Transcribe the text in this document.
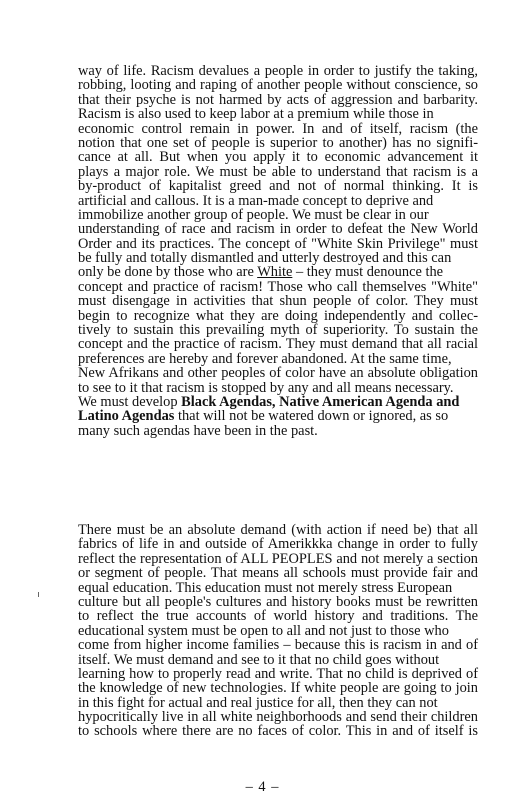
way of life. Racism devalues a people in order to justify the taking,
robbing, looting and raping of another people without conscience, so
that their psyche is not harmed by acts of aggression and barbarity.
Racism is also used to keep labor at a premium while those in
economic control remain in power. In and of itself, racism (the
notion that one set of people is superior to another) has no signifi-
cance at all. But when you apply it to economic advancement it
plays a major role. We must be able to understand that racism is a
by-product of kapitalist greed and not of normal thinking. It is
artificial and callous. It is a man-made concept to deprive and
immobilize another group of people. We must be clear in our
understanding of race and racism in order to defeat the New World
Order and its practices. The concept of "White Skin Privilege" must
be fully and totally dismantled and utterly destroyed and this can
only be done by those who are White – they must denounce the
concept and practice of racism! Those who call themselves "White"
must disengage in activities that shun people of color. They must
begin to recognize what they are doing independently and collec-
tively to sustain this prevailing myth of superiority. To sustain the
concept and the practice of racism. They must demand that all racial
preferences are hereby and forever abandoned. At the same time,
New Afrikans and other peoples of color have an absolute obligation
to see to it that racism is stopped by any and all means necessary.
We must develop Black Agendas, Native American Agenda and
Latino Agendas that will not be watered down or ignored, as so
many such agendas have been in the past.
There must be an absolute demand (with action if need be) that all
fabrics of life in and outside of Amerikkka change in order to fully
reflect the representation of ALL PEOPLES and not merely a section
or segment of people. That means all schools must provide fair and
equal education. This education must not merely stress European
culture but all people's cultures and history books must be rewritten
to reflect the true accounts of world history and traditions. The
educational system must be open to all and not just to those who
come from higher income families – because this is racism in and of
itself. We must demand and see to it that no child goes without
learning how to properly read and write. That no child is deprived of
the knowledge of new technologies. If white people are going to join
in this fight for actual and real justice for all, then they can not
hypocritically live in all white neighborhoods and send their children
to schools where there are no faces of color. This in and of itself is
– 4 –
